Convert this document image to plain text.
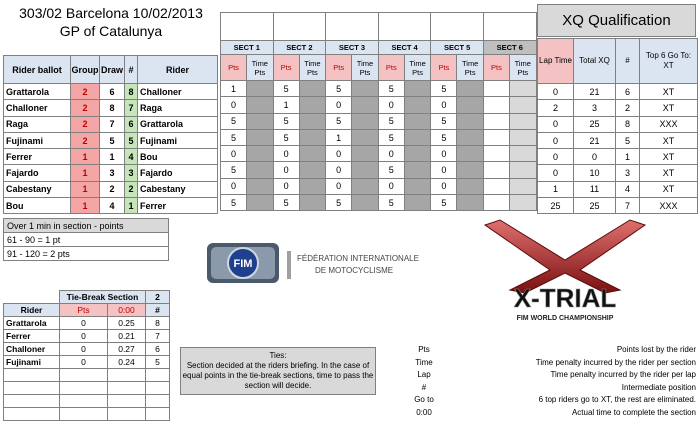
303/02 Barcelona 10/02/2013
GP of Catalunya
Rider ballot	Group	Draw	#	Rider
Grattarola	2	6	8	Challoner
Challoner	2	8	7	Raga
Raga	2	7	6	Grattarola
Fujinami	2	5	5	Fujinami
Ferrer	1	1	4	Bou
Fajardo	1	3	3	Fajardo
Cabestany	1	2	2	Cabestany
Bou	1	4	1	Ferrer

SECT 1		SECT 2		SECT 3		SECT 4		SECT 5		SECT 6	
Pts	Time Pts	Pts	Time Pts	Pts	Time Pts	Pts	Time Pts	Pts	Time Pts	Pts	Time Pts
1		5		5		5		5			
0		1		0		0		0			
5		5		5		5		5			
5		5		1		5		5			
0		0		0		0		0			
5		0		0		5		0			
0		0		0		0		0			
5		5		5		5		5			
XQ Qualification
Lap Time	Total XQ	#	Top 6 Go To: XT
0	21	6	XT
2	3	2	XT
0	25	8	XXX
0	21	5	XT
0	0	1	XT
0	10	3	XT
1	11	4	XT
25	25	7	XXX
Over 1 min in section - points
61 - 90 = 1 pt
91 - 120 = 2 pts
	Tie-Break Section		2
Rider	Pts	0:00	#
Grattarola	0	0.25	8
Ferrer	0	0.21	7
Challoner	0	0.27	6
Fujinami	0	0.24	5

Ties:
Section decided at the riders briefing. In the case of equal points in the tie-break sections, time to pass the section will decide.
Pts	Points lost by the rider
Time	Time penalty incurred by the rider per section
Lap	Time penalty incurred by the rider per lap
#	Intermediate position
Go to	6 top riders go to XT, the rest are eliminated.
0:00	Actual time to complete the section
FIM	FÉDÉRATION INTERNATIONALE
DE MOTOCYCLISME
X-TRIAL
FIM WORLD CHAMPIONSHIP
